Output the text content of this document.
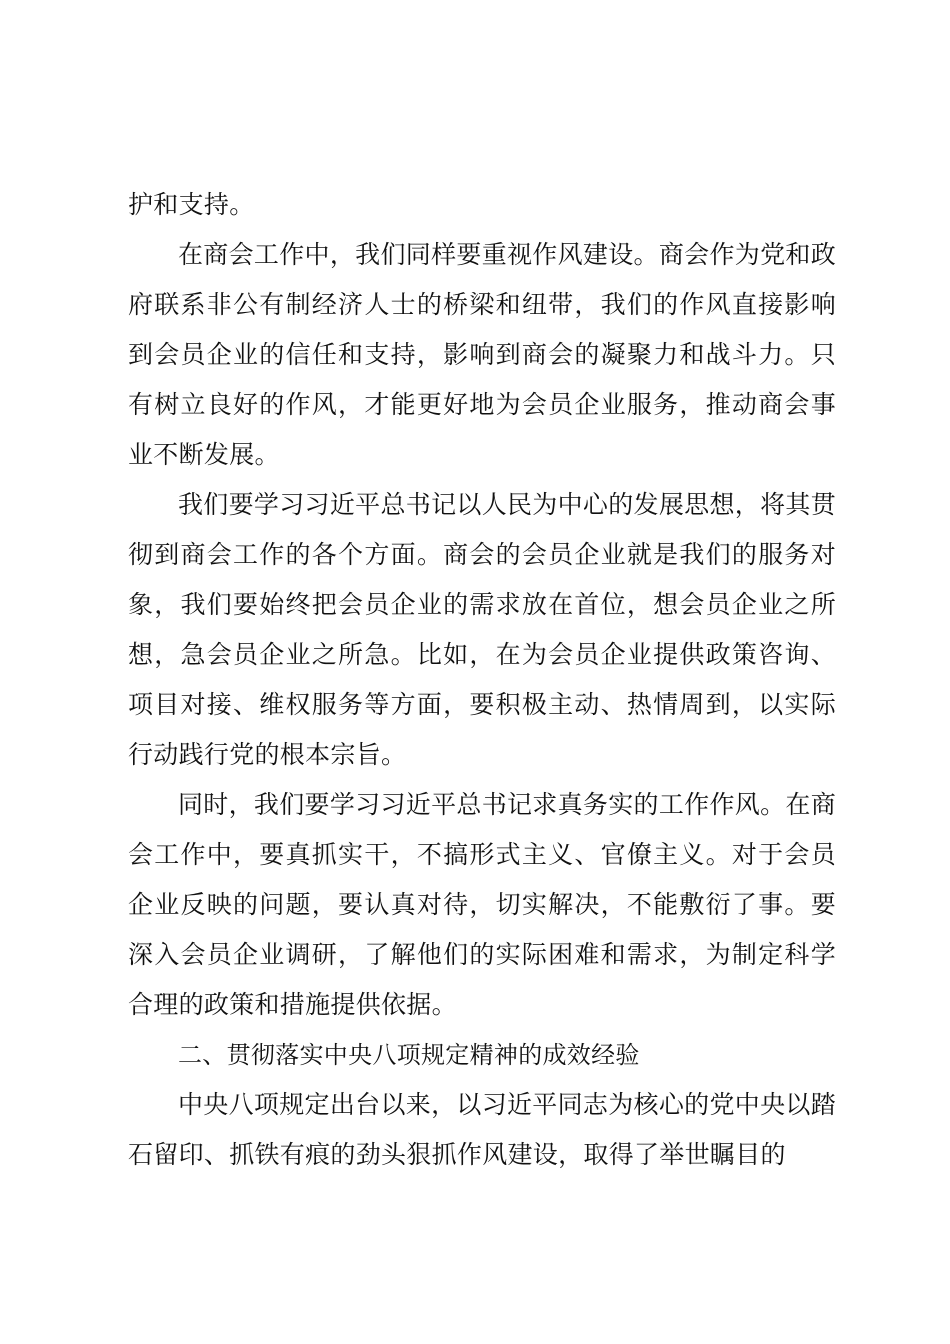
护和支持。

在商会工作中，我们同样要重视作风建设。商会作为党和政府联系非公有制经济人士的桥梁和纽带，我们的作风直接影响到会员企业的信任和支持，影响到商会的凝聚力和战斗力。只有树立良好的作风，才能更好地为会员企业服务，推动商会事业不断发展。

我们要学习习近平总书记以人民为中心的发展思想，将其贯彻到商会工作的各个方面。商会的会员企业就是我们的服务对象，我们要始终把会员企业的需求放在首位，想会员企业之所想，急会员企业之所急。比如，在为会员企业提供政策咨询、项目对接、维权服务等方面，要积极主动、热情周到，以实际行动践行党的根本宗旨。

同时，我们要学习习近平总书记求真务实的工作作风。在商会工作中，要真抓实干，不搞形式主义、官僚主义。对于会员企业反映的问题，要认真对待，切实解决，不能敷衍了事。要深入会员企业调研，了解他们的实际困难和需求，为制定科学合理的政策和措施提供依据。

二、贯彻落实中央八项规定精神的成效经验

中央八项规定出台以来，以习近平同志为核心的党中央以踏石留印、抓铁有痕的劲头狠抓作风建设，取得了举世瞩目的
